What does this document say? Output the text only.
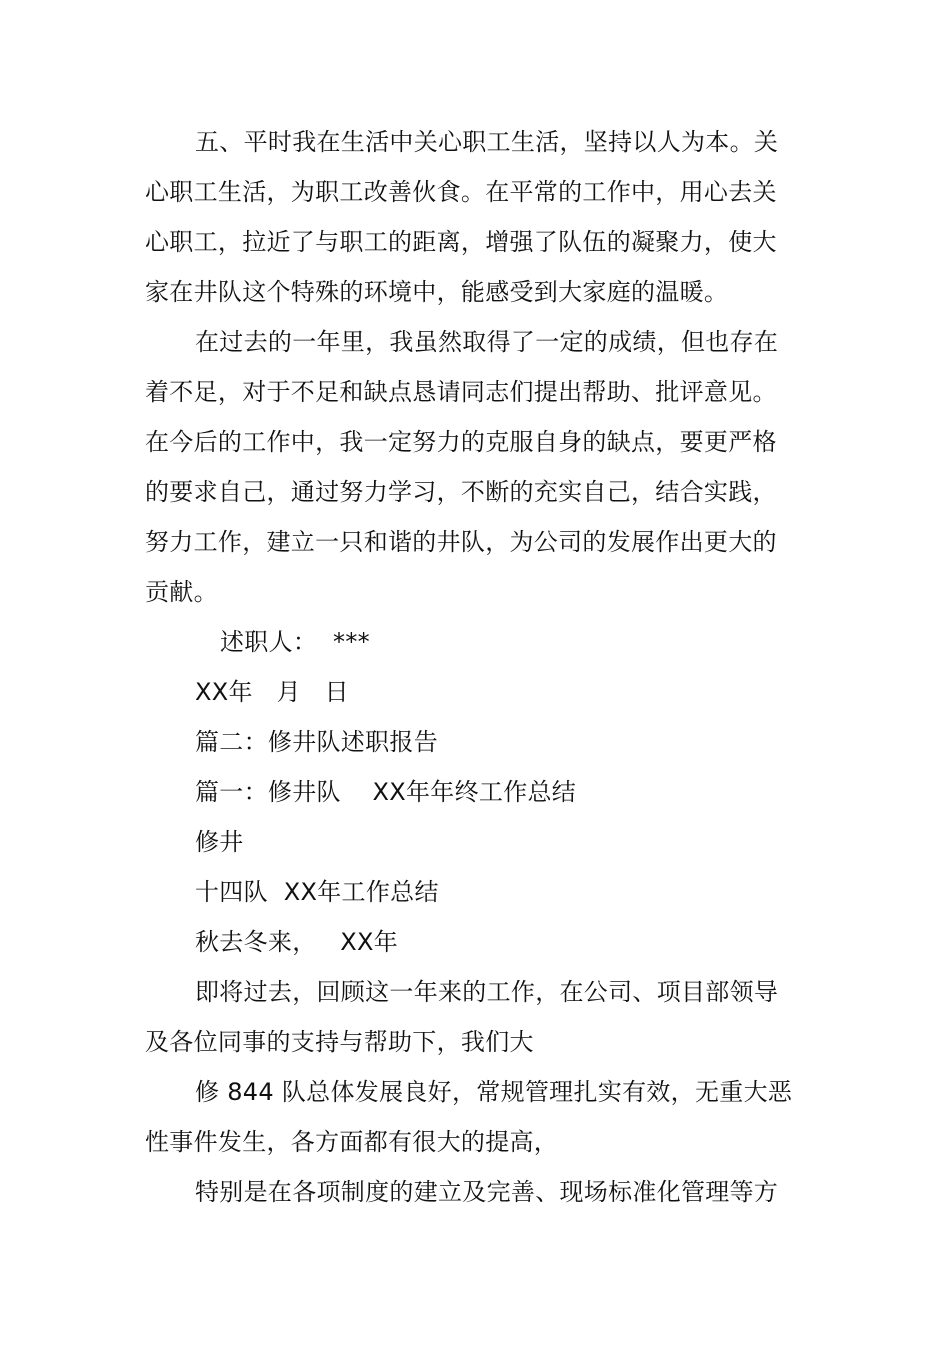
五、平时我在生活中关心职工生活，坚持以人为本。关
心职工生活，为职工改善伙食。在平常的工作中，用心去关
心职工，拉近了与职工的距离，增强了队伍的凝聚力，使大
家在井队这个特殊的环境中，能感受到大家庭的温暖。
在过去的一年里，我虽然取得了一定的成绩，但也存在
着不足，对于不足和缺点恳请同志们提出帮助、批评意见。
在今后的工作中，我一定努力的克服自身的缺点，要更严格
的要求自己，通过努力学习，不断的充实自己，结合实践，
努力工作，建立一只和谐的井队，为公司的发展作出更大的
贡献。
述职人：  ***
XX年   月   日
篇二：修井队述职报告
篇一：修井队    XX年年终工作总结
修井
十四队  XX年工作总结
秋去冬来，   XX年
即将过去，回顾这一年来的工作，在公司、项目部领导
及各位同事的支持与帮助下，我们大
修 844 队总体发展良好，常规管理扎实有效，无重大恶
性事件发生，各方面都有很大的提高，
特别是在各项制度的建立及完善、现场标准化管理等方
